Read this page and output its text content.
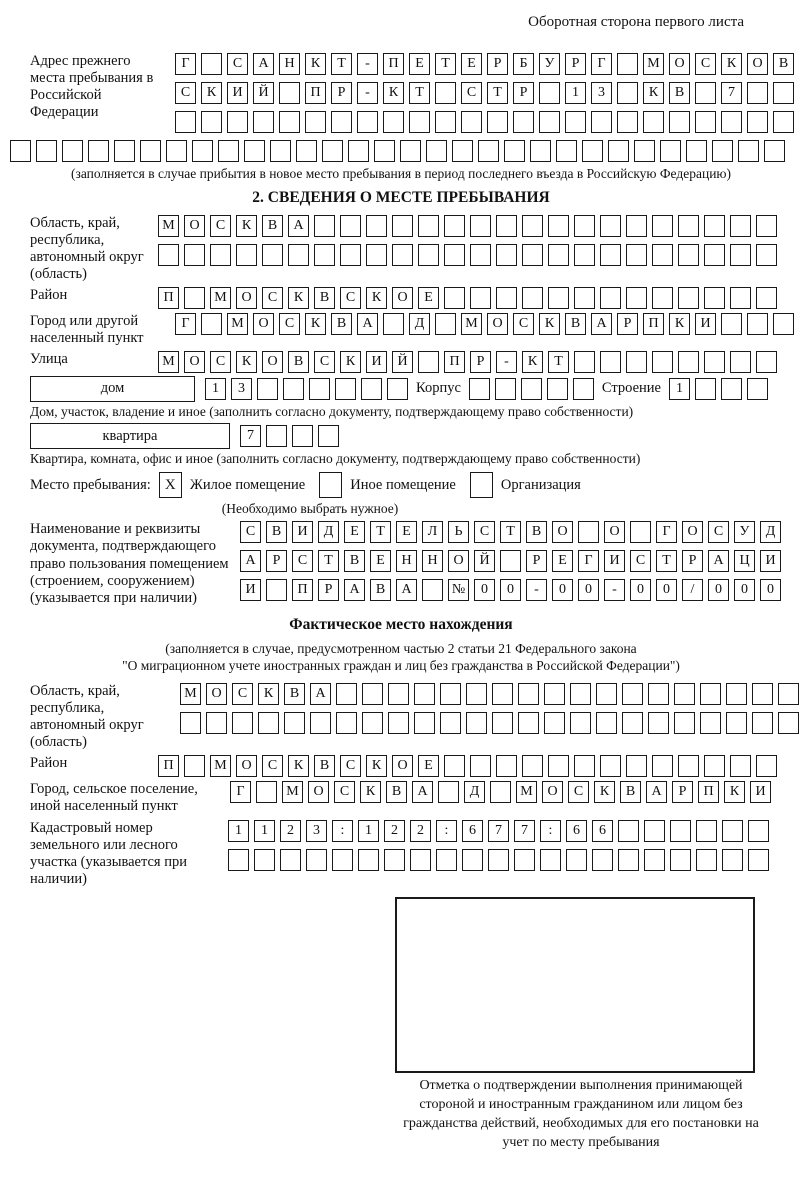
Оборотная сторона первого листа
Адрес прежнего места пребывания в Российской Федерации
Г	С	А	Н	К	Т	-	П	Е	Т	Е	Р	Б	У	Р	Г	М	О	С	К	О	В
С	К	И	Й	П	Р	-	К	Т	С	Т	Р	1	3	К	В	7
(заполняется в случае прибытия в новое место пребывания в период последнего въезда в Российскую Федерацию)
2. СВЕДЕНИЯ О МЕСТЕ ПРЕБЫВАНИЯ
Область, край, республика, автономный округ (область)
М	О	С	К	В	А
Район	П	М	О	С	К	В	С	К	О	Е
Город или другой населенный пункт
Г	М	О	С	К	В	А	Д	М	О	С	К	В	А	Р	П	К	И
Улица	М	О	С	К	О	В	С	К	И	Й	П	Р	-	К	Т
дом	1	3	Корпус	Строение	1
Дом, участок, владение и иное (заполнить согласно документу, подтверждающему право собственности)
квартира	7
Квартира, комната, офис и иное (заполнить согласно документу, подтверждающему право собственности)
Место пребывания: X Жилое помещение	Иное помещение	Организация
(Необходимо выбрать нужное)
Наименование и реквизиты документа, подтверждающего право пользования помещением (строением, сооружением) (указывается при наличии)
С	В	И	Д	Е	Т	Е	Л	Ь	С	Т	В	О	О	Г	О	С	У	Д
А	Р	С	Т	В	Е	Н	Н	О	Й	Р	Е	Г	И	С	Т	Р	А	Ц	И
И	П	Р	А	В	А	№	0	0	-	0	0	-	0	0	/	0	0	0
Фактическое место нахождения
(заполняется в случае, предусмотренном частью 2 статьи 21 Федерального закона
"О миграционном учете иностранных граждан и лиц без гражданства в Российской Федерации")
Область, край, республика, автономный округ (область)
М	О	С	К	В	А
Район	П	М	О	С	К	В	С	К	О	Е
Город, сельское поселение, иной населенный пункт
Г	М	О	С	К	В	А	Д	М	О	С	К	В	А	Р	П	К	И
Кадастровый номер земельного или лесного участка (указывается при наличии)
1	1	2	3	:	1	2	2	:	6	7	7	:	6	6
Отметка о подтверждении выполнения принимающей стороной и иностранным гражданином или лицом без гражданства действий, необходимых для его постановки на учет по месту пребывания
